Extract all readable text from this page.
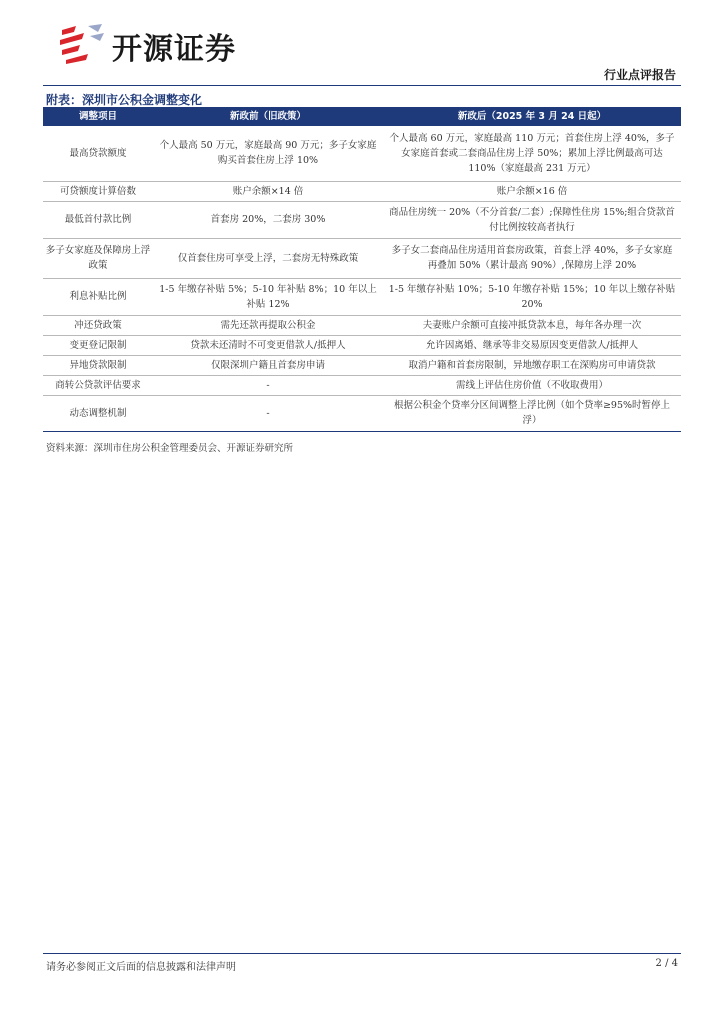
开源证券
行业点评报告
附表：深圳市公积金调整变化
调整项目	新政前（旧政策）	新政后（2025 年 3 月 24 日起）
最高贷款额度	个人最高 50 万元，家庭最高 90 万元；多子女家庭购买首套住房上浮 10%	个人最高 60 万元，家庭最高 110 万元；首套住房上浮 40%，多子女家庭首套或二套商品住房上浮 50%；累加上浮比例最高可达 110%（家庭最高 231 万元）
可贷额度计算倍数	账户余额×14 倍	账户余额×16 倍
最低首付款比例	首套房 20%，二套房 30%	商品住房统一 20%（不分首套/二套）;保障性住房 15%;组合贷款首付比例按较高者执行
多子女家庭及保障房上浮政策	仅首套住房可享受上浮，二套房无特殊政策	多子女二套商品住房适用首套房政策，首套上浮 40%，多子女家庭再叠加 50%（累计最高 90%）,保障房上浮 20%
利息补贴比例	1-5 年缴存补贴 5%；5-10 年补贴 8%；10 年以上补贴 12%	1-5 年缴存补贴 10%；5-10 年缴存补贴 15%；10 年以上缴存补贴 20%
冲还贷政策	需先还款再提取公积金	夫妻账户余额可直接冲抵贷款本息，每年各办理一次
变更登记限制	贷款未还清时不可变更借款人/抵押人	允许因离婚、继承等非交易原因变更借款人/抵押人
异地贷款限制	仅限深圳户籍且首套房申请	取消户籍和首套房限制，异地缴存职工在深购房可申请贷款
商转公贷款评估要求	-	需线上评估住房价值（不收取费用）
动态调整机制	-	根据公积金个贷率分区间调整上浮比例（如个贷率≥95%时暂停上浮）
资料来源：深圳市住房公积金管理委员会、开源证券研究所
请务必参阅正文后面的信息披露和法律声明	2 / 4
